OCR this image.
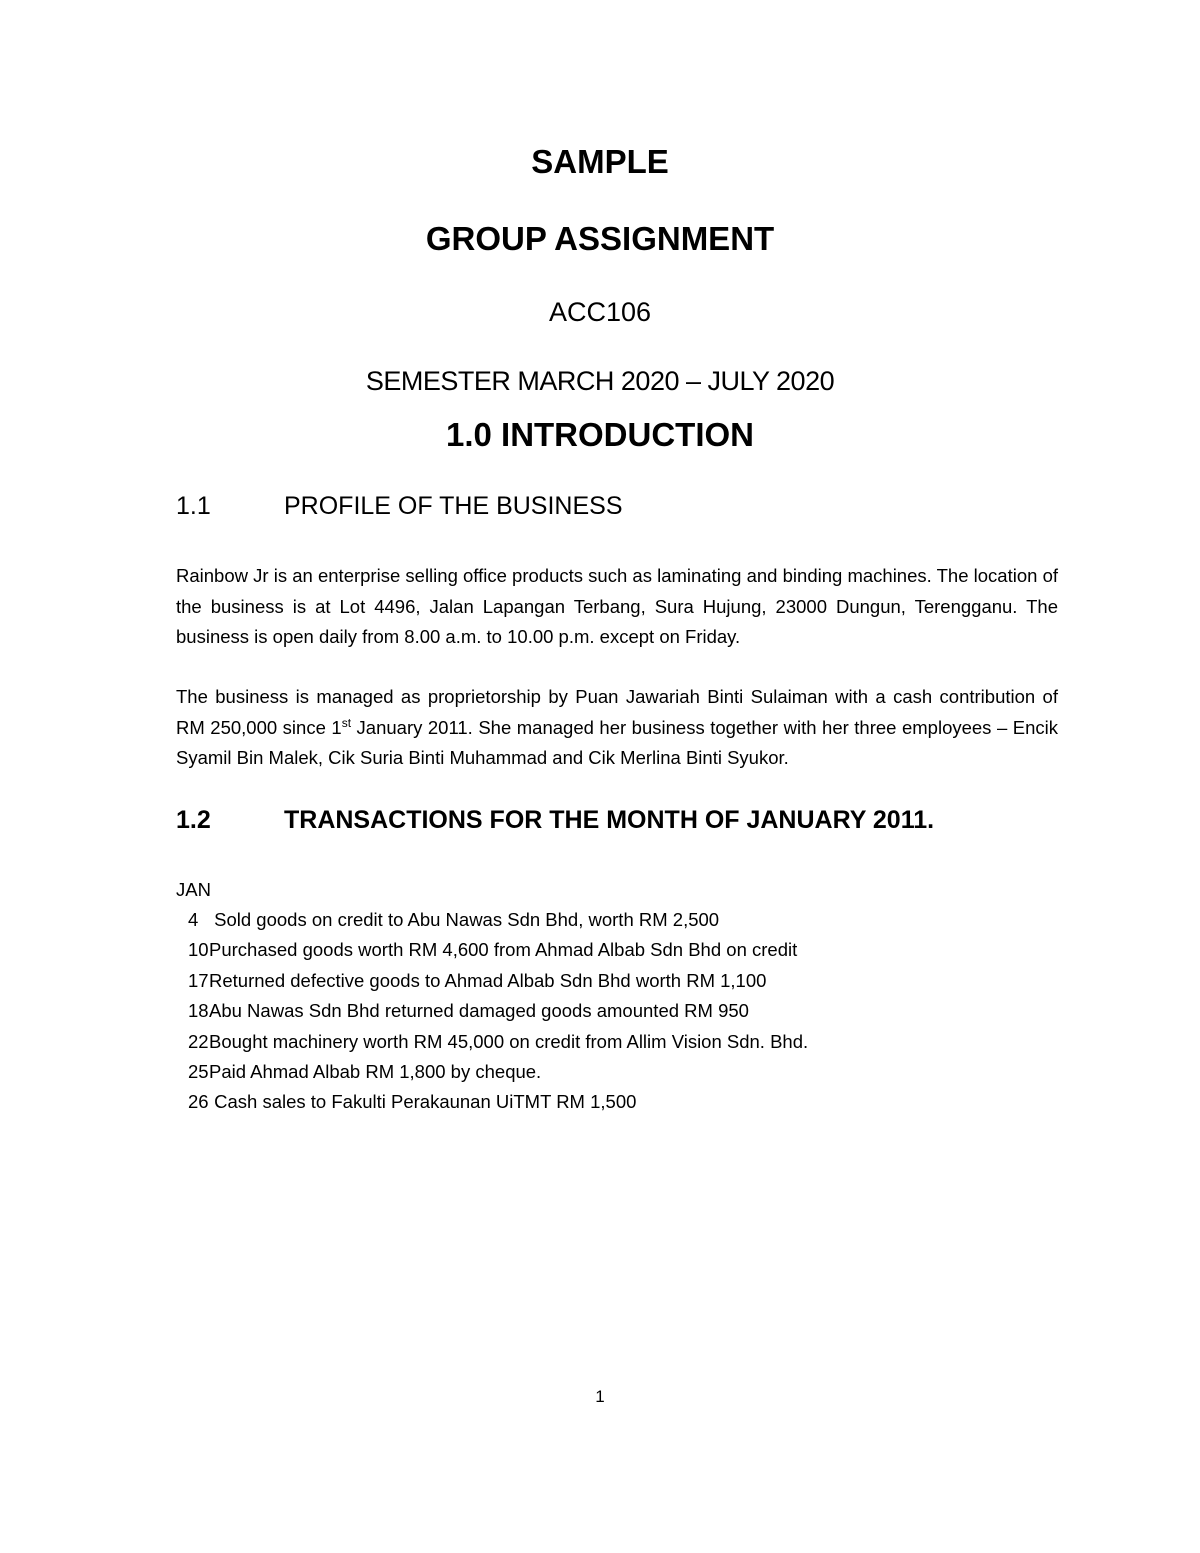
SAMPLE
GROUP ASSIGNMENT
ACC106
SEMESTER MARCH 2020 – JULY 2020
1.0 INTRODUCTION
1.1	PROFILE OF THE BUSINESS

Rainbow Jr is an enterprise selling office products such as laminating and binding machines. The location of the business is at Lot 4496, Jalan Lapangan Terbang, Sura Hujung, 23000 Dungun, Terengganu. The business is open daily from 8.00 a.m. to 10.00 p.m. except on Friday.

The business is managed as proprietorship by Puan Jawariah Binti Sulaiman with a cash contribution of RM 250,000 since 1st January 2011. She managed her business together with her three employees – Encik Syamil Bin Malek, Cik Suria Binti Muhammad and Cik Merlina Binti Syukor.

1.2	TRANSACTIONS FOR THE MONTH OF JANUARY 2011.
JAN
4 Sold goods on credit to Abu Nawas Sdn Bhd, worth RM 2,500
10Purchased goods worth RM 4,600 from Ahmad Albab Sdn Bhd on credit
17Returned defective goods to Ahmad Albab Sdn Bhd worth RM 1,100
18Abu Nawas Sdn Bhd returned damaged goods amounted RM 950
22Bought machinery worth RM 45,000 on credit from Allim Vision Sdn. Bhd.
25Paid Ahmad Albab RM 1,800 by cheque.
26 Cash sales to Fakulti Perakaunan UiTMT RM 1,500
1
